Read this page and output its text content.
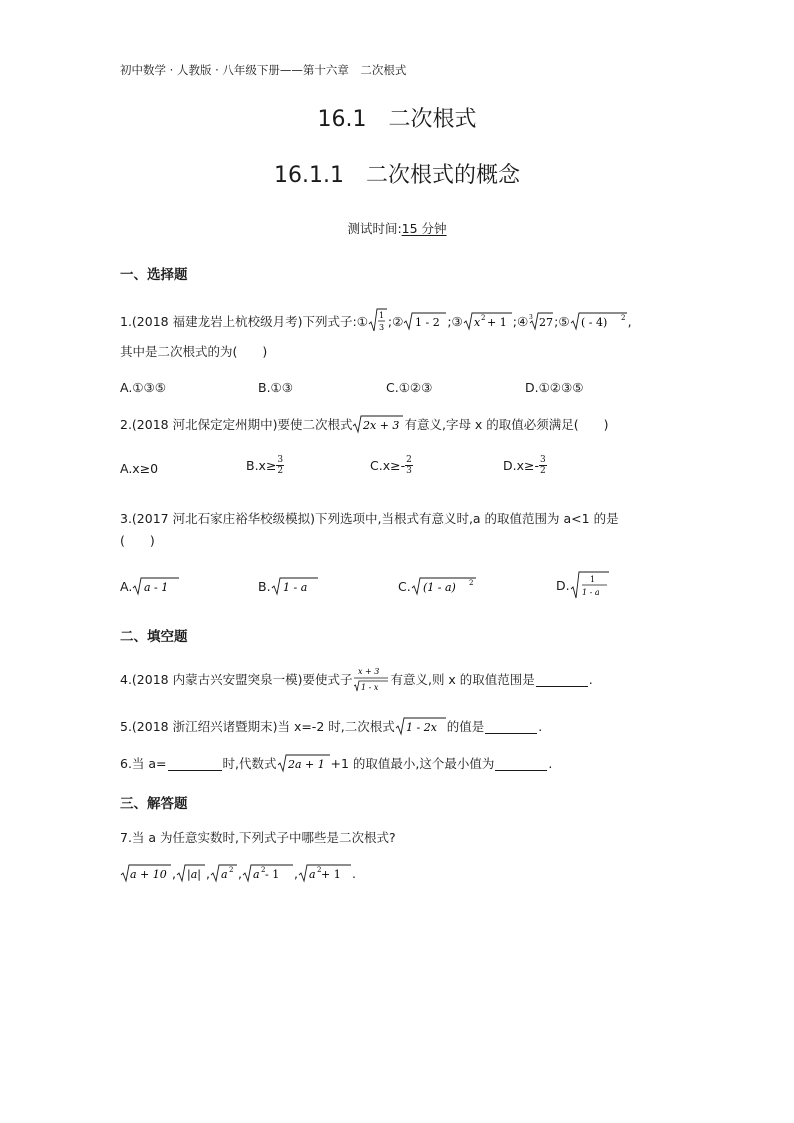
初中数学 · 人教版 · 八年级下册——第十六章　二次根式
16.1　二次根式
16.1.1　二次根式的概念
测试时间:15 分钟
一、选择题
1.(2018 福建龙岩上杭校级月考)下列式子: ① 1
3 ;② 1 - 2 ;③ x 2 + 1 ;④ 3 27 ;⑤ ( - 4) 2 ,
其中是二次根式的为(　　)
A.①③⑤	B.①③	C.①②③	D.①②③⑤
2.(2018 河北保定定州期中)要使二次根式 2x + 3 有意义,字母 x 的取值必须满足(　　)
A.x≥0	$B.x\ge \frac{3}{2}$	$C.x\ge- \frac{2}{3}$	$D.x\ge- \frac{3}{2}$
3.(2017 河北石家庄裕华校级模拟)下列选项中,当根式有意义时,a 的取值范围为 a<1 的是
(　　)
A. a - 1	B. 1 - a	C. (1 - a) 2	D.	1
1 - a
二、填空题
4.(2018 内蒙古兴安盟突泉一模)要使式子
x + 3
1 - x
有意义,则 x 的取值范围是	.
5.(2018 浙江绍兴诸暨期末)当 x=-2 时,二次根式 1 - 2x 的值是	.
6.当 a=	时,代数式 2a + 1 +1 的取值最小,这个最小值为	.
三、解答题
7.当 a 为任意实数时,下列式子中哪些是二次根式?
a + 10 , |a| , a 2 , a 2 - 1 , a 2 + 1 .
